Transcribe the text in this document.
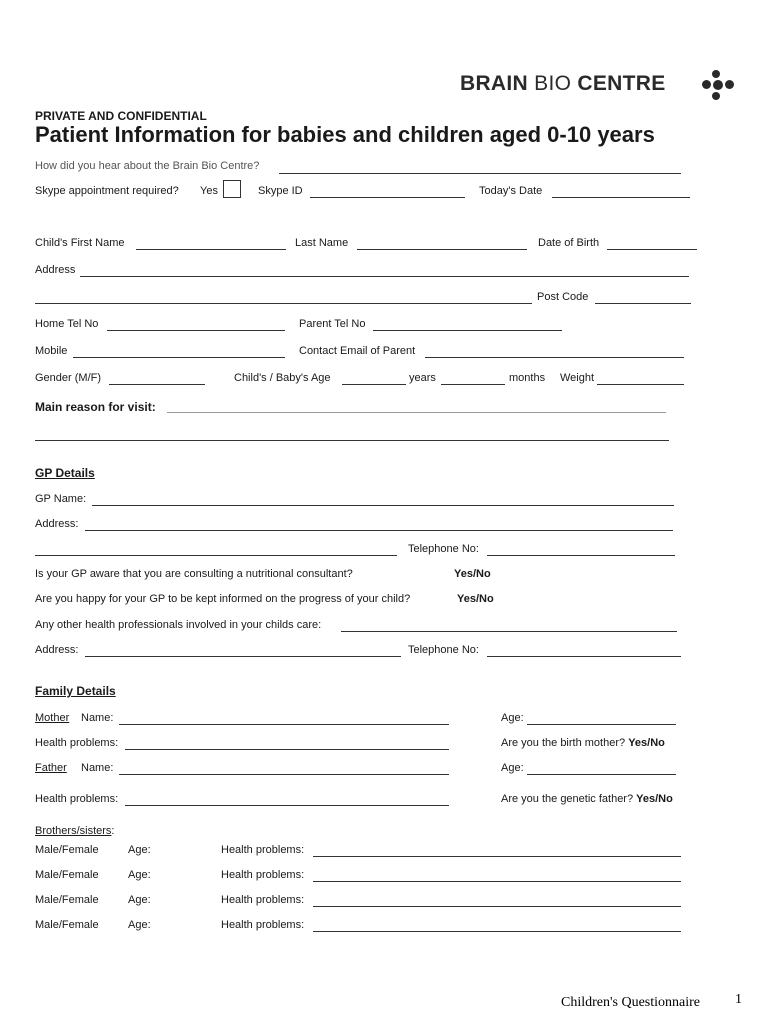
BRAIN BIO CENTRE
PRIVATE AND CONFIDENTIAL
Patient Information for babies and children aged 0-10 years
How did you hear about the Brain Bio Centre?
Skype appointment required? Yes	Skype ID	Today's Date
Child's First Name	Last Name	Date of Birth
Address
Post Code
Home Tel No	Parent Tel No
Mobile	Contact Email of Parent
Gender (M/F)	Child's / Baby's Age	years	months Weight
Main reason for visit:
GP Details
GP Name:
Address:
Telephone No:
Is your GP aware that you are consulting a nutritional consultant?	Yes/No
Are you happy for your GP to be kept informed on the progress of your child?	Yes/No
Any other health professionals involved in your childs care:
Address:	Telephone No:
Family Details
Mother Name:	Age:
Health problems:	Are you the birth mother? Yes/No
Father Name:	Age:
Health problems:	Are you the genetic father? Yes/No
Brothers/sisters:
Male/Female	Age:	Health problems:
Male/Female	Age:	Health problems:
Male/Female	Age:	Health problems:
Male/Female	Age:	Health problems:
Children's Questionnaire	1
